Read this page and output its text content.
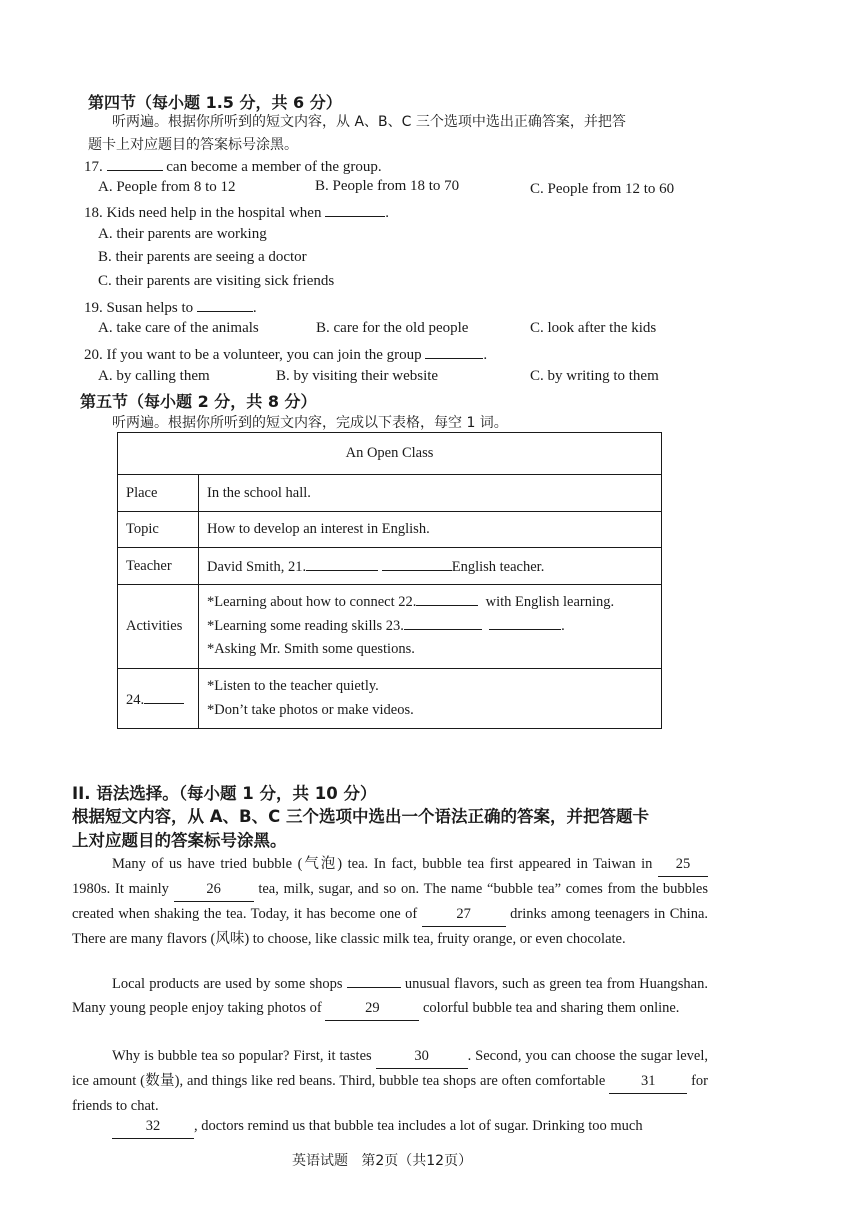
第四节（每小题 1.5 分，共 6 分）
听两遍。根据你所听到的短文内容，从 A、B、C 三个选项中选出正确答案，并把答
题卡上对应题目的答案标号涂黑。
17.	can become a member of the group.
A. People from 8 to 12	B. People from 18 to 70	C. People from 12 to 60
18. Kids need help in the hospital when	.
A. their parents are working
B. their parents are seeing a doctor
C. their parents are visiting sick friends
19. Susan helps to	.
A. take care of the animals	B. care for the old people	C. look after the kids
20. If you want to be a volunteer, you can join the group	.
A. by calling them	B. by visiting their website	C. by writing to them
第五节（每小题 2 分，共 8 分）
听两遍。根据你所听到的短文内容，完成以下表格，每空 1 词。
An Open Class	
Place	In the school hall.
Topic	How to develop an interest in English.
Teacher	David Smith, 21. English teacher.
Activities	*Learning about how to connect 22. with English learning.
*Learning some reading skills 23. .
*Asking Mr. Smith some questions.

24.	*Listen to the teacher quietly.
*Don’t take photos or make videos.
II. 语法选择。（每小题 1 分，共 10 分）
根据短文内容，从 A、B、C 三个选项中选出一个语法正确的答案，并把答题卡
上对应题目的答案标号涂黑。
Many of us have tried bubble (气泡) tea. In fact, bubble tea first appeared in Taiwan in 25 1980s. It mainly	26	tea, milk, sugar, and so on. The name “bubble tea” comes from the bubbles created when shaking the tea. Today, it has become one of	27	drinks among teenagers in China. There are many flavors (风味) to choose, like classic milk tea, fruity orange, or even chocolate.
Local products are used by some shops	unusual flavors, such as green tea from Huangshan. Many young people enjoy taking photos of	29	colorful bubble tea and sharing them online.
Why is bubble tea so popular? First, it tastes	30	. Second, you can choose the sugar level, ice amount (数量), and things like red beans. Third, bubble tea shops are often comfortable 31 for friends to chat.
32 , doctors remind us that bubble tea includes a lot of sugar. Drinking too much
英语试题   第2页（共12页）
